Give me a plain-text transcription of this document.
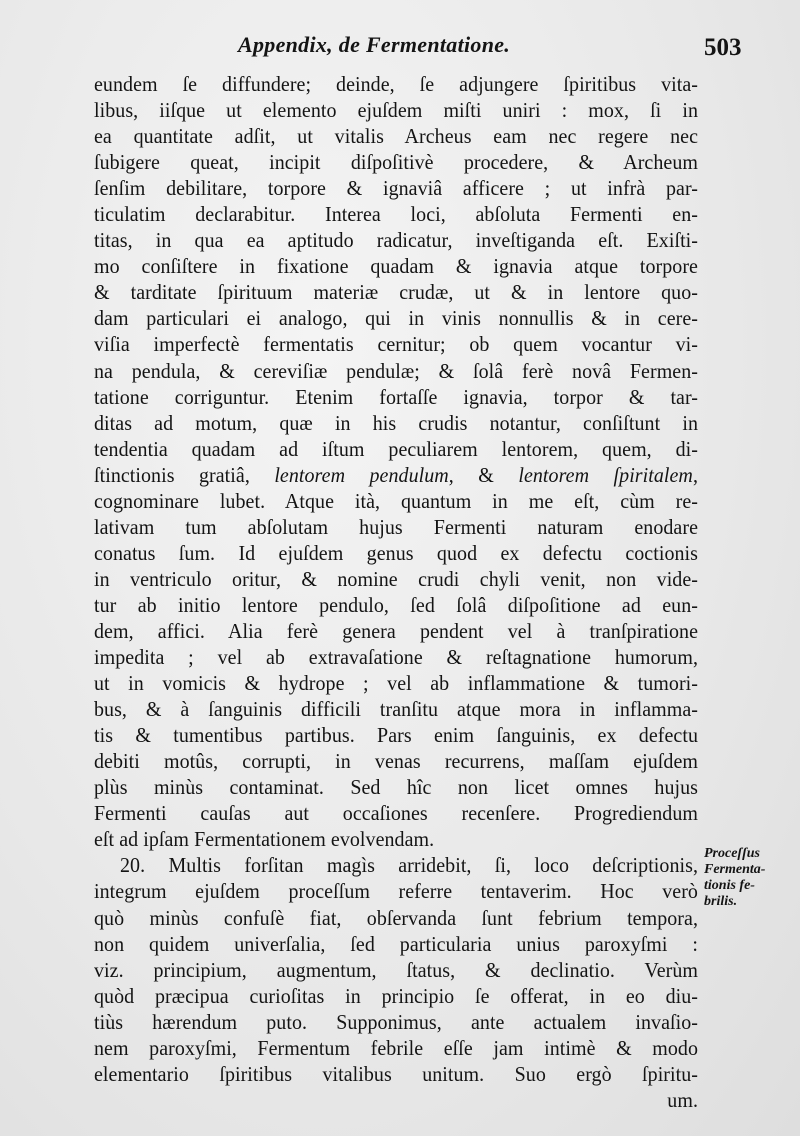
Appendix, de Fermentatione.	503
eundem ſe diffundere; deinde, ſe adjungere ſpiritibus vita-
libus, iiſque ut elemento ejuſdem miſti uniri : mox, ſi in
ea quantitate adſit, ut vitalis Archeus eam nec regere nec
ſubigere queat, incipit diſpoſitivè procedere, & Archeum
ſenſim debilitare, torpore & ignaviâ afficere ; ut infrà par-
ticulatim declarabitur. Interea loci, abſoluta Fermenti en-
titas, in qua ea aptitudo radicatur, inveſtiganda eſt. Exiſti-
mo conſiſtere in fixatione quadam & ignavia atque torpore
& tarditate ſpirituum materiæ crudæ, ut & in lentore quo-
dam particulari ei analogo, qui in vinis nonnullis & in cere-
viſia imperfectè fermentatis cernitur; ob quem vocantur vi-
na pendula, & cereviſiæ pendulæ; & ſolâ ferè novâ Fermen-
tatione corriguntur. Etenim fortaſſe ignavia, torpor & tar-
ditas ad motum, quæ in his crudis notantur, conſiſtunt in
tendentia quadam ad iſtum peculiarem lentorem, quem, di-
ſtinctionis gratiâ, lentorem pendulum, & lentorem ſpiritalem,
cognominare lubet. Atque ità, quantum in me eſt, cùm re-
lativam tum abſolutam hujus Fermenti naturam enodare
conatus ſum. Id ejuſdem genus quod ex defectu coctionis
in ventriculo oritur, & nomine crudi chyli venit, non vide-
tur ab initio lentore pendulo, ſed ſolâ diſpoſitione ad eun-
dem, affici. Alia ferè genera pendent vel à tranſpiratione
impedita ; vel ab extravaſatione & reſtagnatione humorum,
ut in vomicis & hydrope ; vel ab inflammatione & tumori-
bus, & à ſanguinis difficili tranſitu atque mora in inflamma-
tis & tumentibus partibus. Pars enim ſanguinis, ex defectu
debiti motûs, corrupti, in venas recurrens, maſſam ejuſdem
plùs minùs contaminat. Sed hîc non licet omnes hujus
Fermenti cauſas aut occaſiones recenſere. Progrediendum
eſt ad ipſam Fermentationem evolvendam.
20. Multis forſitan magìs arridebit, ſi, loco deſcriptionis,
integrum ejuſdem proceſſum referre tentaverim. Hoc verò
quò minùs confuſè fiat, obſervanda ſunt febrium tempora,
non quidem univerſalia, ſed particularia unius paroxyſmi :
viz. principium, augmentum, ſtatus, & declinatio. Verùm
quòd præcipua curioſitas in principio ſe offerat, in eo diu-
tiùs hærendum puto. Supponimus, ante actualem invaſio-
nem paroxyſmi, Fermentum febrile eſſe jam intimè & modo
elementario ſpiritibus vitalibus unitum. Suo ergò ſpiritu-
um.
Proceſſus
Fermenta-
tionis fe-
brilis.
